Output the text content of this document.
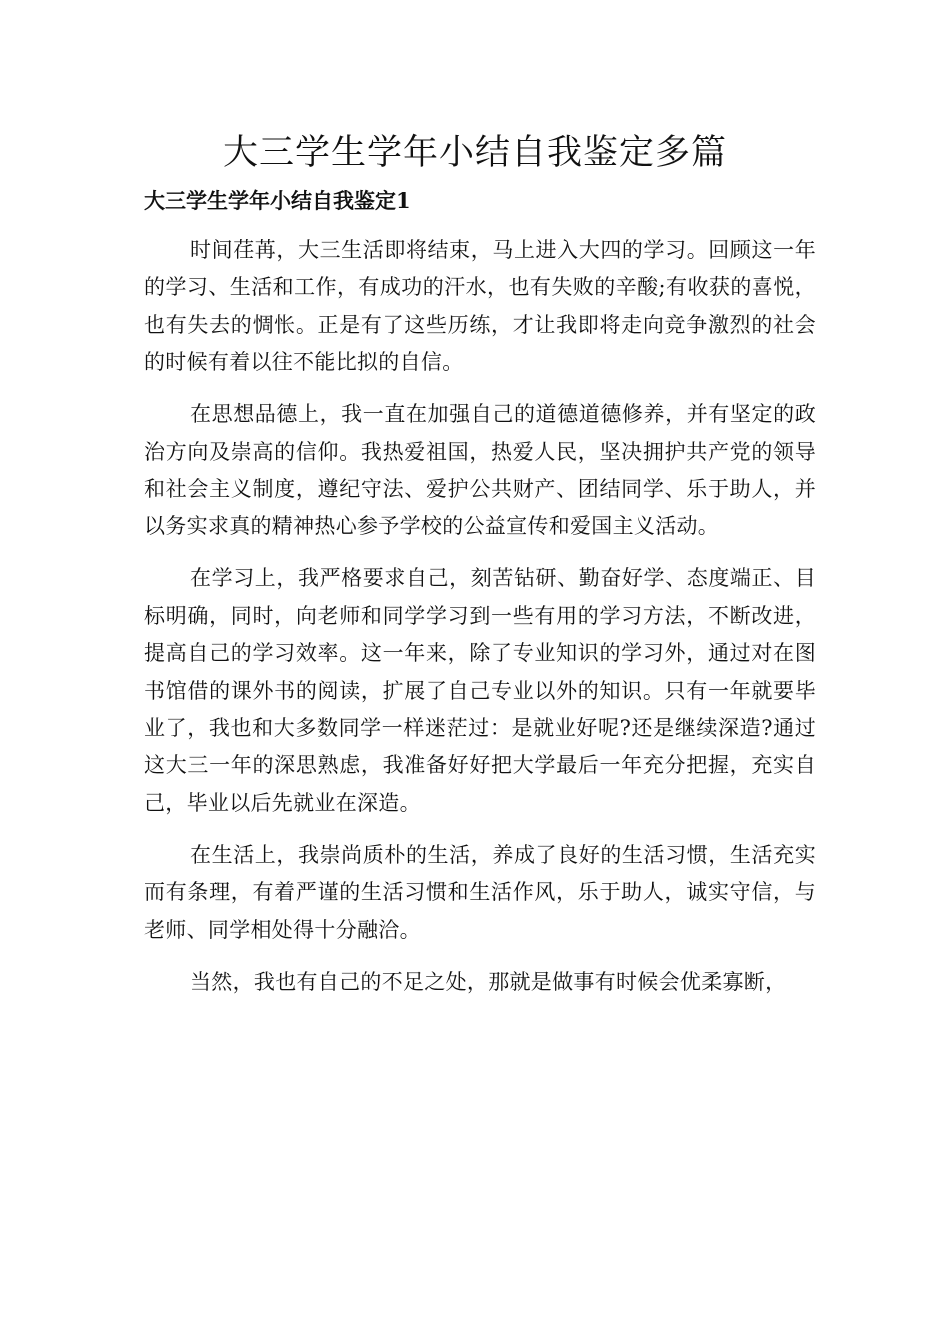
大三学生学年小结自我鉴定多篇
大三学生学年小结自我鉴定1

时间荏苒，大三生活即将结束，马上进入大四的学习。回顾这一年的学习、生活和工作，有成功的汗水，也有失败的辛酸;有收获的喜悦，也有失去的惆怅。正是有了这些历练，才让我即将走向竞争激烈的社会的时候有着以往不能比拟的自信。

在思想品德上，我一直在加强自己的道德道德修养，并有坚定的政治方向及崇高的信仰。我热爱祖国，热爱人民，坚决拥护共产党的领导和社会主义制度，遵纪守法、爱护公共财产、团结同学、乐于助人，并以务实求真的精神热心参予学校的公益宣传和爱国主义活动。

在学习上，我严格要求自己，刻苦钻研、勤奋好学、态度端正、目标明确，同时，向老师和同学学习到一些有用的学习方法，不断改进，提高自己的学习效率。这一年来，除了专业知识的学习外，通过对在图书馆借的课外书的阅读，扩展了自己专业以外的知识。只有一年就要毕业了，我也和大多数同学一样迷茫过：是就业好呢?还是继续深造?通过这大三一年的深思熟虑，我准备好好把大学最后一年充分把握，充实自己，毕业以后先就业在深造。

在生活上，我崇尚质朴的生活，养成了良好的生活习惯，生活充实而有条理，有着严谨的生活习惯和生活作风，乐于助人，诚实守信，与老师、同学相处得十分融洽。

当然，我也有自己的不足之处，那就是做事有时候会优柔寡断，
